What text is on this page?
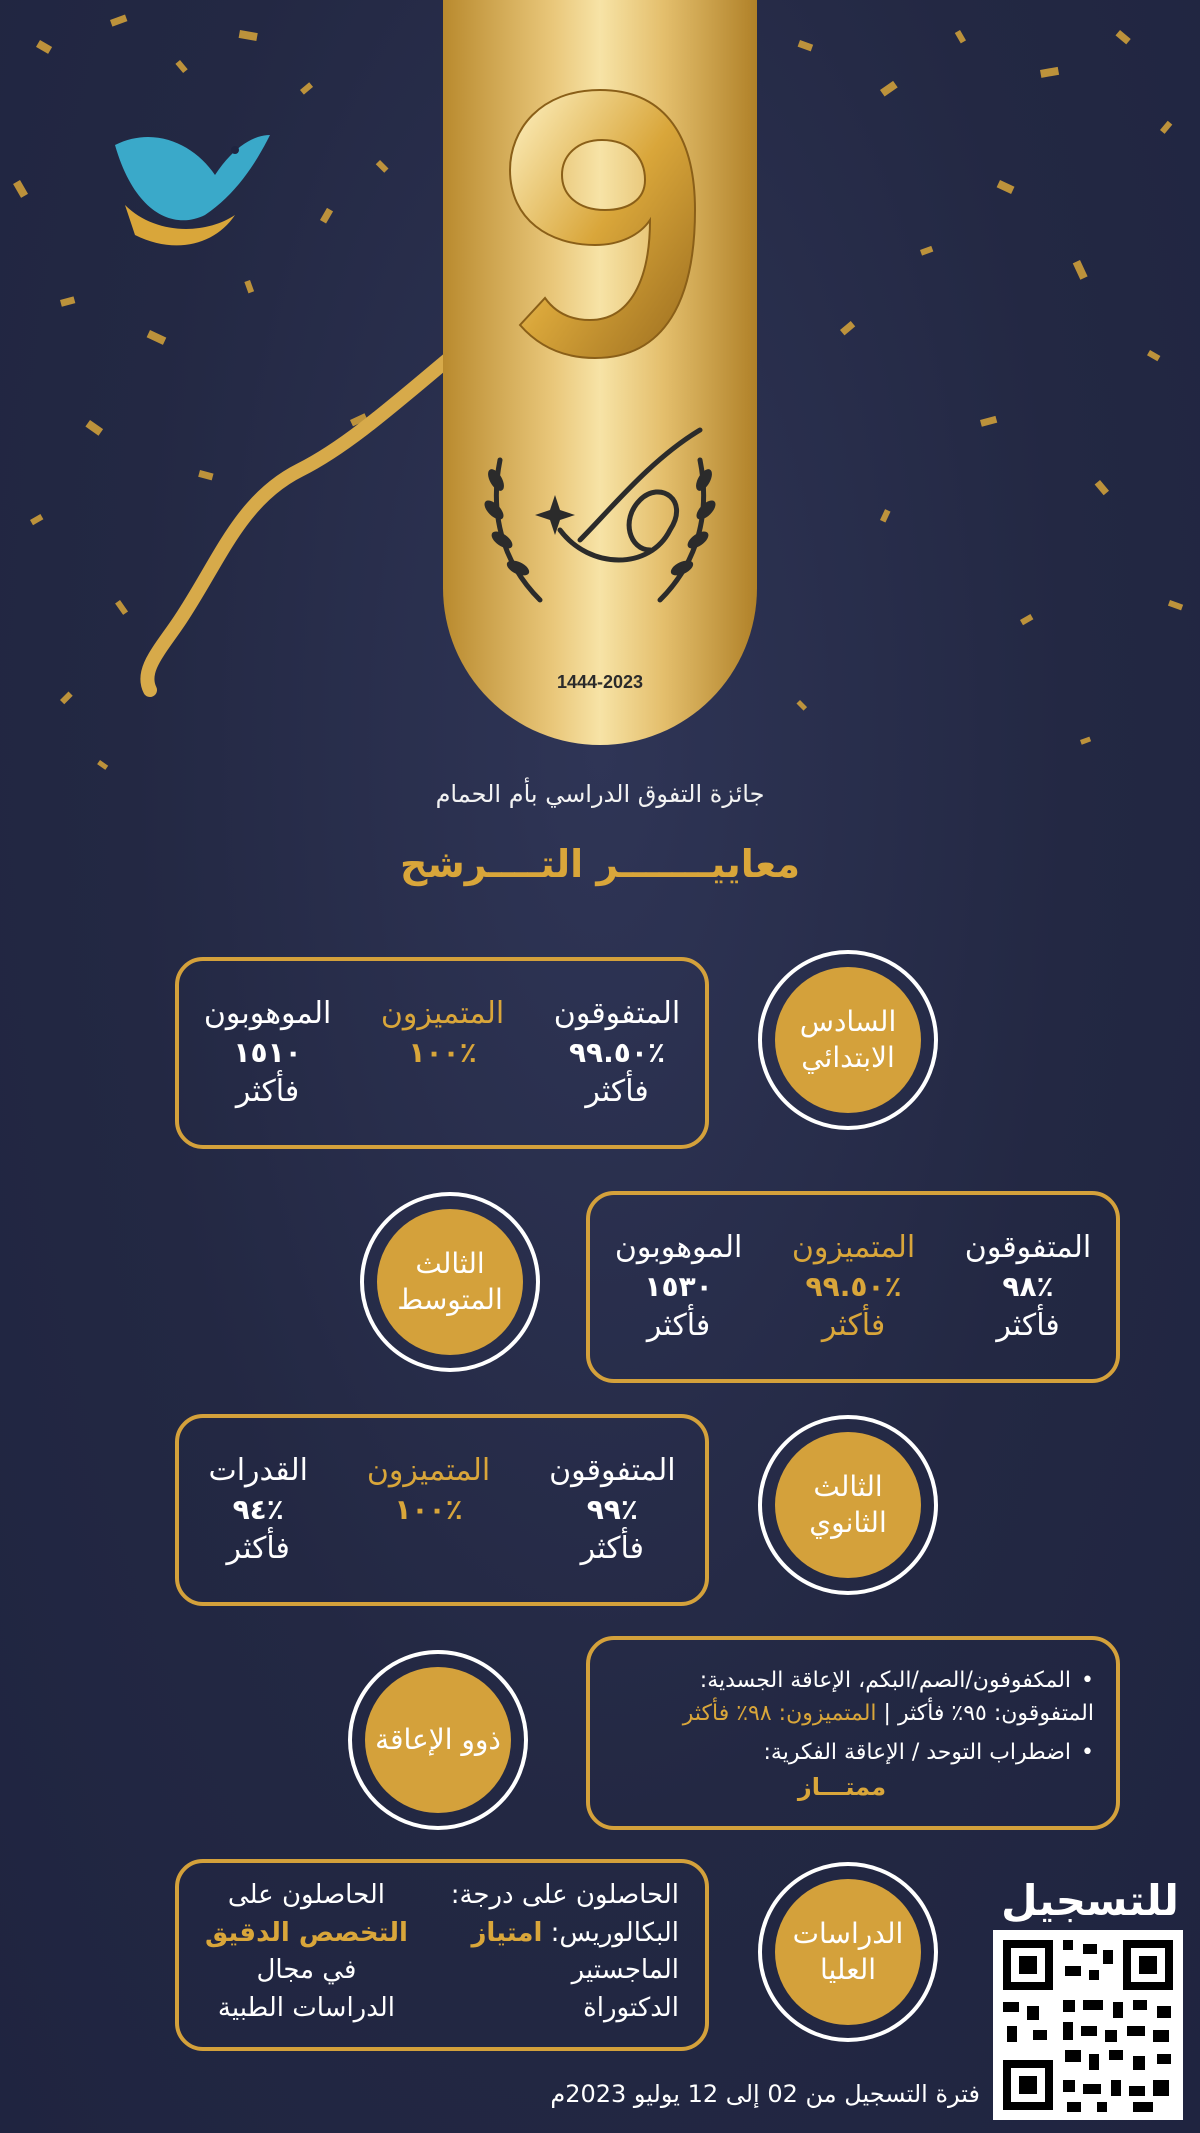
1444-2023
جائزة التفوق الدراسي بأم الحمام
معاييـــــــر التــــرشح
السادس الابتدائي
المتفوقون
٪٩٩.٥٠
فأكثر
المتميزون
٪١٠٠

الموهوبون
١٥١٠
فأكثر
الثالث المتوسط
المتفوقون
٪٩٨
فأكثر
المتميزون
٪٩٩.٥٠
فأكثر
الموهوبون
١٥٣٠
فأكثر
الثالث الثانوي
المتفوقون
٪٩٩
فأكثر
المتميزون
٪١٠٠

القدرات
٪٩٤
فأكثر
ذوو الإعاقة
• المكفوفون/الصم/البكم، الإعاقة الجسدية:
المتفوقون: ٩٥٪ فأكثر | المتميزون: ٩٨٪ فأكثر
• اضطراب التوحد / الإعاقة الفكرية:
ممتـــاز
الدراسات العليا
الحاصلون على درجة:
البكالوريس: امتياز
الماجستير
الدكتوراة
الحاصلون على
التخصص الدقيق
في مجال
الدراسات الطبية
للتسجيل
فترة التسجيل من 02 إلى 12 يوليو 2023م
